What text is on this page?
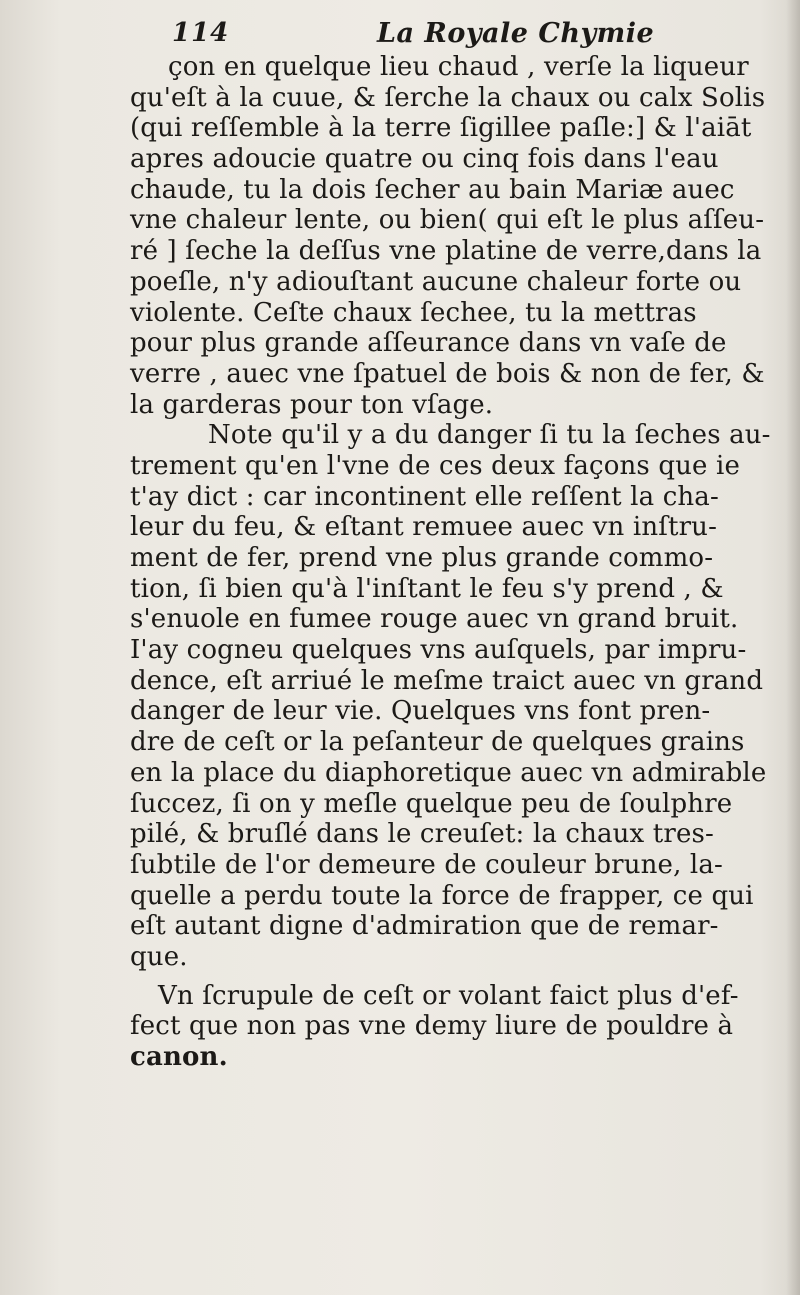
114	La Royale Chymie
çon en quelque lieu chaud , verſe la liqueur
qu'eſt à la cuue, & ſerche la chaux ou calx Solis
(qui reſſemble à la terre ſigillee paſle:] & l'aiāt
apres adoucie quatre ou cinq fois dans l'eau
chaude, tu la dois ſecher au bain Mariæ auec
vne chaleur lente, ou bien( qui eſt le plus aſſeu-
ré ] ſeche la deſſus vne platine de verre,dans la
poeſle, n'y adiouſtant aucune chaleur forte ou
violente. Ceſte chaux ſechee, tu la mettras
pour plus grande aſſeurance dans vn vaſe de
verre , auec vne ſpatuel de bois & non de fer, &
la garderas pour ton vſage.
Note qu'il y a du danger ſi tu la ſeches au-
trement qu'en l'vne de ces deux façons que ie
t'ay dict : car incontinent elle reſſent la cha-
leur du feu, & eſtant remuee auec vn inſtru-
ment de fer, prend vne plus grande commo-
tion, ſi bien qu'à l'inſtant le feu s'y prend , &
s'enuole en fumee rouge auec vn grand bruit.
I'ay cogneu quelques vns auſquels, par impru-
dence, eſt arriué le meſme traict auec vn grand
danger de leur vie. Quelques vns font pren-
dre de ceſt or la peſanteur de quelques grains
en la place du diaphoretique auec vn admirable
ſuccez, ſi on y meſle quelque peu de ſoulphre
pilé, & bruſlé dans le creuſet: la chaux tres-
ſubtile de l'or demeure de couleur brune, la-
quelle a perdu toute la force de frapper, ce qui
eſt autant digne d'admiration que de remar-
que.
Vn ſcrupule de ceſt or volant faict plus d'ef-
fect que non pas vne demy liure de pouldre à
canon.
